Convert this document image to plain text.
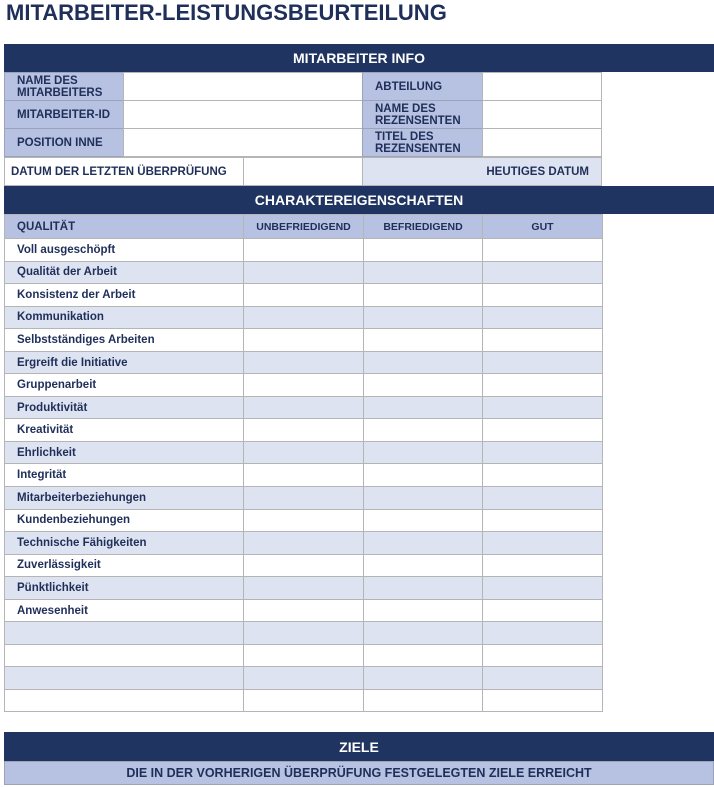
MITARBEITER-LEISTUNGSBEURTEILUNG
MITARBEITER INFO
NAME DES MITARBEITERS	ABTEILUNG
MITARBEITER-ID	NAME DES REZENSENTEN
POSITION INNE	TITEL DES REZENSENTEN
DATUM DER LETZTEN ÜBERPRÜFUNG	HEUTIGES DATUM
CHARAKTEREIGENSCHAFTEN
QUALITÄT	UNBEFRIEDIGEND	BEFRIEDIGEND	GUT
Voll ausgeschöpft			
Qualität der Arbeit			
Konsistenz der Arbeit			
Kommunikation			
Selbstständiges Arbeiten			
Ergreift die Initiative			
Gruppenarbeit			
Produktivität			
Kreativität			
Ehrlichkeit			
Integrität			
Mitarbeiterbeziehungen			
Kundenbeziehungen			
Technische Fähigkeiten			
Zuverlässigkeit			
Pünktlichkeit			
Anwesenheit			

ZIELE
DIE IN DER VORHERIGEN ÜBERPRÜFUNG FESTGELEGTEN ZIELE ERREICHT
